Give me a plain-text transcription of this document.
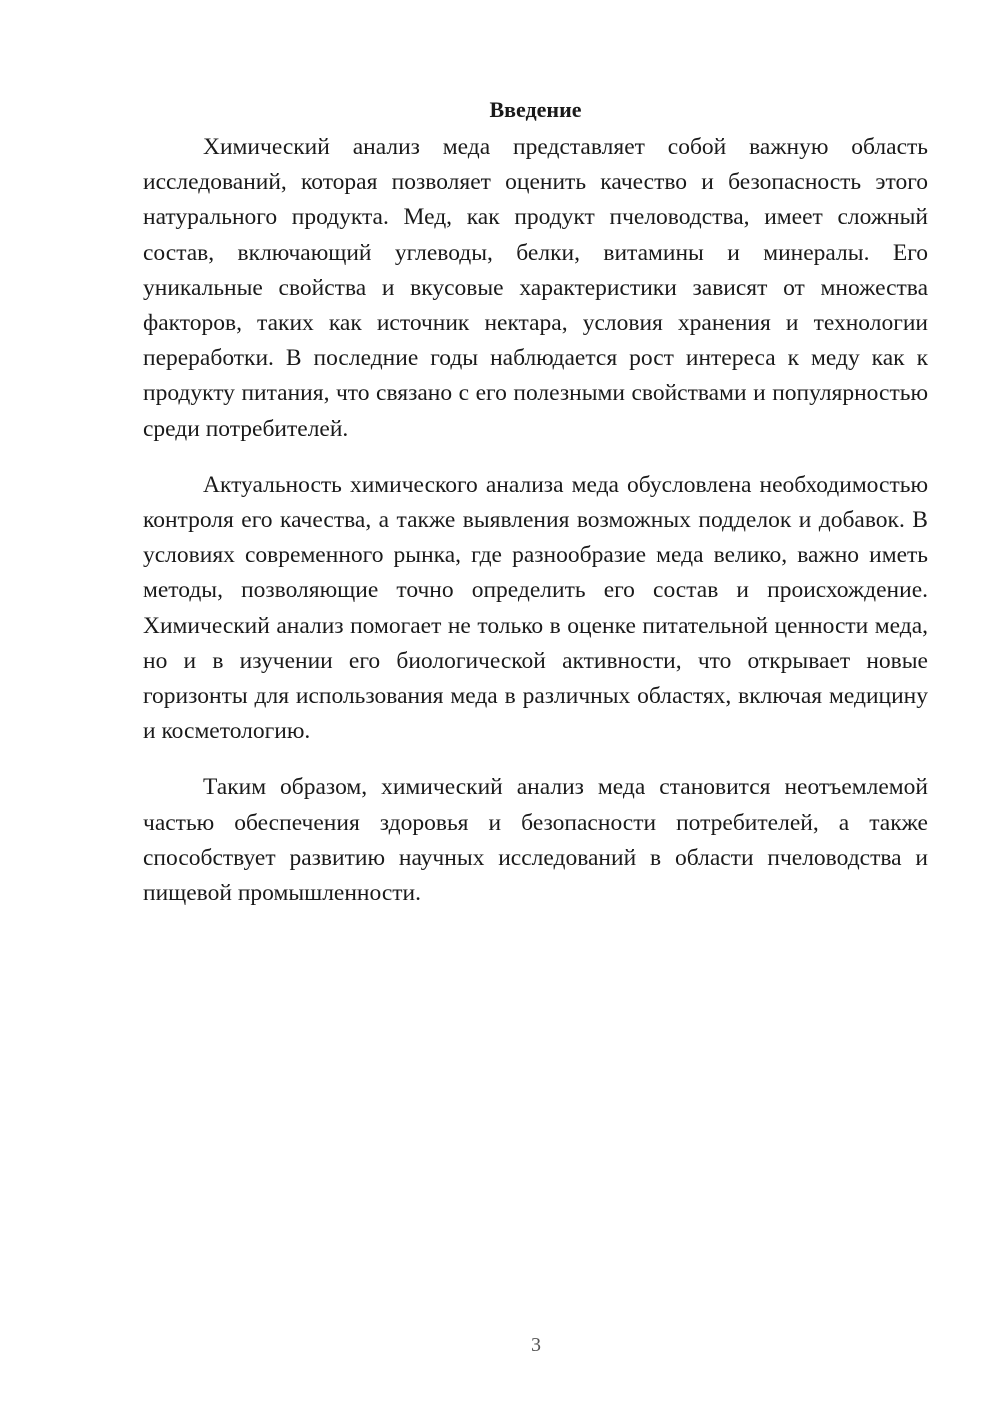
Введение

Химический анализ меда представляет собой важную область исследований, которая позволяет оценить качество и безопасность этого натурального продукта. Мед, как продукт пчеловодства, имеет сложный состав, включающий углеводы, белки, витамины и минералы. Его уникальные свойства и вкусовые характеристики зависят от множества факторов, таких как источник нектара, условия хранения и технологии переработки. В последние годы наблюдается рост интереса к меду как к продукту питания, что связано с его полезными свойствами и популярностью среди потребителей.

Актуальность химического анализа меда обусловлена необходимостью контроля его качества, а также выявления возможных подделок и добавок. В условиях современного рынка, где разнообразие меда велико, важно иметь методы, позволяющие точно определить его состав и происхождение. Химический анализ помогает не только в оценке питательной ценности меда, но и в изучении его биологической активности, что открывает новые горизонты для использования меда в различных областях, включая медицину и косметологию.

Таким образом, химический анализ меда становится неотъемлемой частью обеспечения здоровья и безопасности потребителей, а также способствует развитию научных исследований в области пчеловодства и пищевой промышленности.

3
